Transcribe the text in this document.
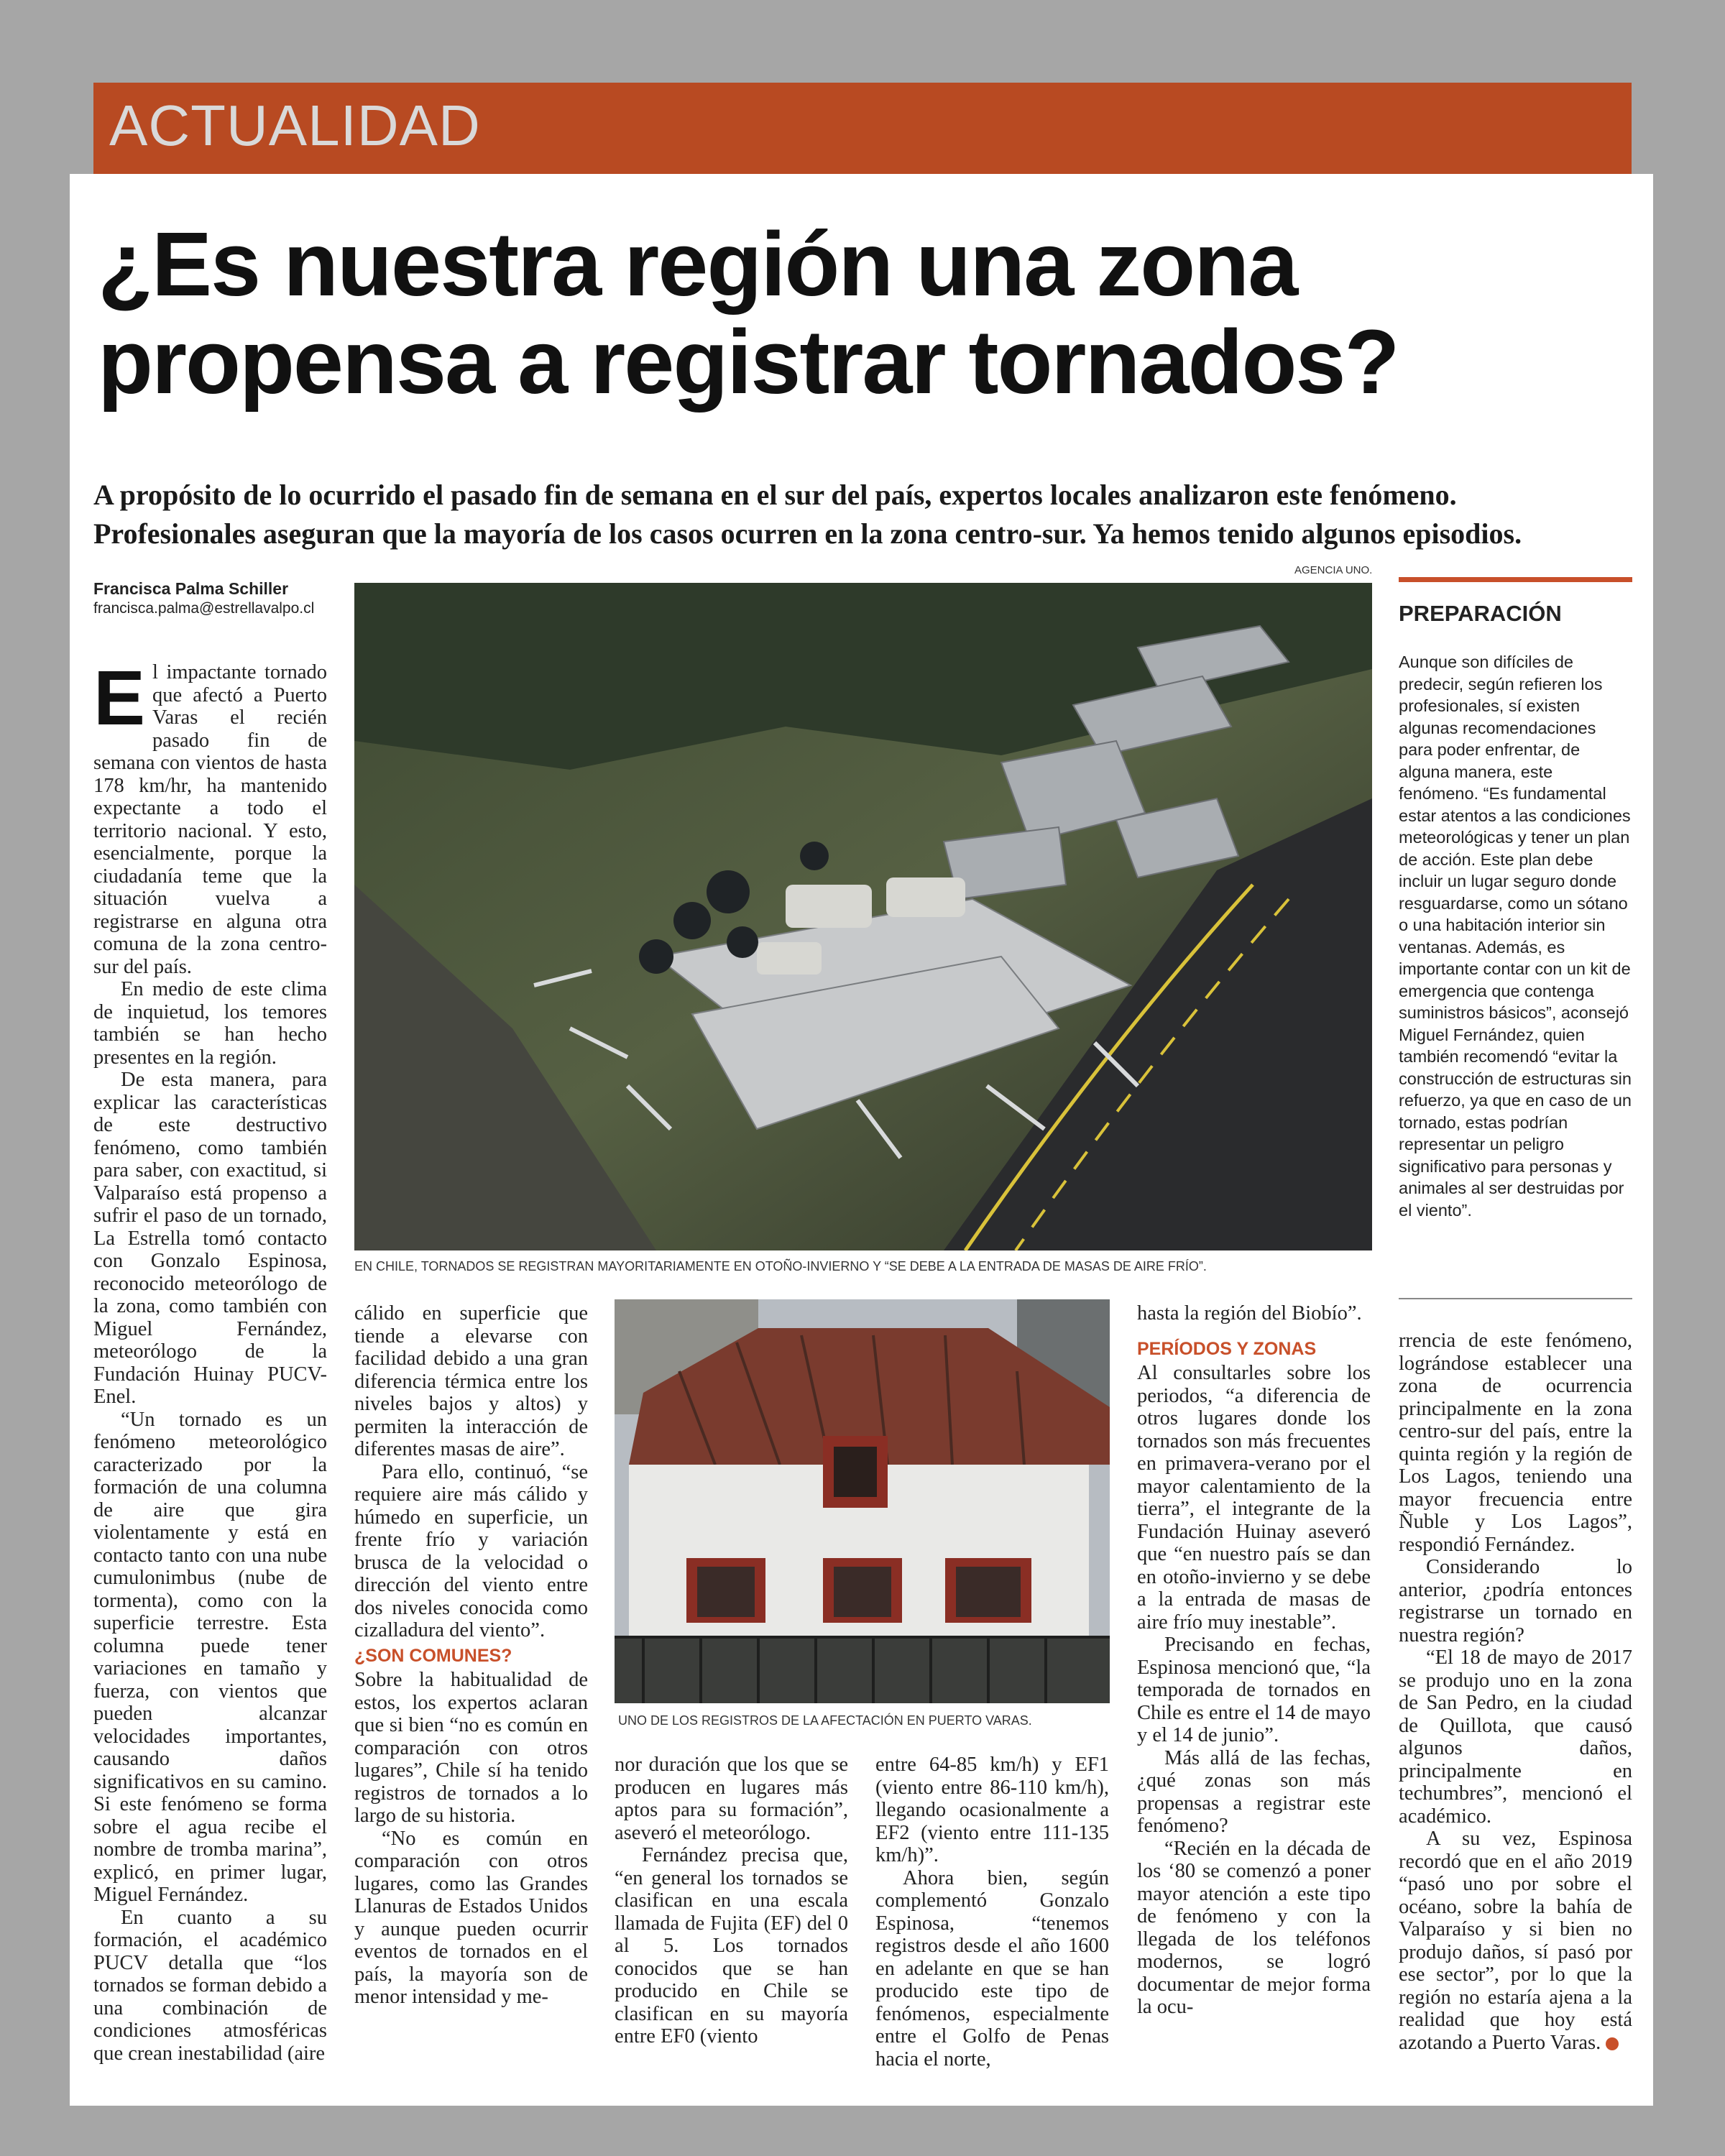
ACTUALIDAD
¿Es nuestra región una zona propensa a registrar tornados?
A propósito de lo ocurrido el pasado fin de semana en el sur del país, expertos locales analizaron este fenómeno. Profesionales aseguran que la mayoría de los casos ocurren en la zona centro-sur. Ya hemos tenido algunos episodios.
Francisca Palma Schiller
francisca.palma@estrellavalpo.cl
AGENCIA UNO.
EN CHILE, TORNADOS SE REGISTRAN MAYORITARIAMENTE EN OTOÑO-INVIERNO Y “SE DEBE A LA ENTRADA DE MASAS DE AIRE FRÍO”.
UNO DE LOS REGISTROS DE LA AFECTACIÓN EN PUERTO VARAS.

El impactante tornado que afectó a Puerto Varas el recién pasado fin de semana con vientos de hasta 178 km/hr, ha mantenido expectante a todo el territorio nacional. Y esto, esencialmente, porque la ciudadanía teme que la situación vuelva a registrarse en alguna otra comuna de la zona centro-sur del país.

En medio de este clima de inquietud, los temores también se han hecho presentes en la región.

De esta manera, para explicar las características de este destructivo fenómeno, como también para saber, con exactitud, si Valparaíso está propenso a sufrir el paso de un tornado, La Estrella tomó contacto con Gonzalo Espinosa, reconocido meteorólogo de la zona, como también con Miguel Fernández, meteorólogo de la Fundación Huinay PUCV-Enel.

“Un tornado es un fenómeno meteorológico caracterizado por la formación de una columna de aire que gira violentamente y está en contacto tanto con una nube cumulonimbus (nube de tormenta), como con la superficie terrestre. Esta columna puede tener variaciones en tamaño y fuerza, con vientos que pueden alcanzar velocidades importantes, causando daños significativos en su camino. Si este fenómeno se forma sobre el agua recibe el nombre de tromba marina”, explicó, en primer lugar, Miguel Fernández.

En cuanto a su formación, el académico PUCV detalla que “los tornados se forman debido a una combinación de condiciones atmosféricas que crean inestabilidad (aire

cálido en superficie que tiende a elevarse con facilidad debido a una gran diferencia térmica entre los niveles bajos y altos) y permiten la interacción de diferentes masas de aire”.

Para ello, continuó, “se requiere aire más cálido y húmedo en superficie, un frente frío y variación brusca de la velocidad o dirección del viento entre dos niveles conocida como cizalladura del viento”.

¿SON COMUNES?

Sobre la habitualidad de estos, los expertos aclaran que si bien “no es común en comparación con otros lugares”, Chile sí ha tenido registros de tornados a lo largo de su historia.

“No es común en comparación con otros lugares, como las Grandes Llanuras de Estados Unidos y aunque pueden ocurrir eventos de tornados en el país, la mayoría son de menor intensidad y me-

nor duración que los que se producen en lugares más aptos para su formación”, aseveró el meteorólogo.

Fernández precisa que, “en general los tornados se clasifican en una escala llamada de Fujita (EF) del 0 al 5. Los tornados conocidos que se han producido en Chile se clasifican en su mayoría entre EF0 (viento

entre 64-85 km/h) y EF1 (viento entre 86-110 km/h), llegando ocasionalmente a EF2 (viento entre 111-135 km/h)”.

Ahora bien, según complementó Gonzalo Espinosa, “tenemos registros desde el año 1600 en adelante en que se han producido este tipo de fenómenos, especialmente entre el Golfo de Penas hacia el norte,

hasta la región del Biobío”.

PERÍODOS Y ZONAS

Al consultarles sobre los periodos, “a diferencia de otros lugares donde los tornados son más frecuentes en primavera-verano por el mayor calentamiento de la tierra”, el integrante de la Fundación Huinay aseveró que “en nuestro país se dan en otoño-invierno y se debe a la entrada de masas de aire frío muy inestable”.

Precisando en fechas, Espinosa mencionó que, “la temporada de tornados en Chile es entre el 14 de mayo y el 14 de junio”.

Más allá de las fechas, ¿qué zonas son más propensas a registrar este fenómeno?

“Recién en la década de los ‘80 se comenzó a poner mayor atención a este tipo de fenómeno y con la llegada de los teléfonos modernos, se logró documentar de mejor forma la ocu-

rrencia de este fenómeno, lográndose establecer una zona de ocurrencia principalmente en la zona centro-sur del país, entre la quinta región y la región de Los Lagos, teniendo una mayor frecuencia entre Ñuble y Los Lagos”, respondió Fernández.

Considerando lo anterior, ¿podría entonces registrarse un tornado en nuestra región?

“El 18 de mayo de 2017 se produjo uno en la zona de San Pedro, en la ciudad de Quillota, que causó algunos daños, principalmente en techumbres”, mencionó el académico.

A su vez, Espinosa recordó que en el año 2019 “pasó uno por sobre el océano, sobre la bahía de Valparaíso y si bien no produjo daños, sí pasó por ese sector”, por lo que la región no estaría ajena a la realidad que hoy está azotando a Puerto Varas.	✪

PREPARACIÓN

Aunque son difíciles de predecir, según refieren los profesionales, sí existen algunas recomendaciones para poder enfrentar, de alguna manera, este fenómeno. “Es fundamental estar atentos a las condiciones meteorológicas y tener un plan de acción. Este plan debe incluir un lugar seguro donde resguardarse, como un sótano o una habitación interior sin ventanas. Además, es importante contar con un kit de emergencia que contenga suministros básicos”, aconsejó Miguel Fernández, quien también recomendó “evitar la construcción de estructuras sin refuerzo, ya que en caso de un tornado, estas podrían representar un peligro significativo para personas y animales al ser destruidas por el viento”.
